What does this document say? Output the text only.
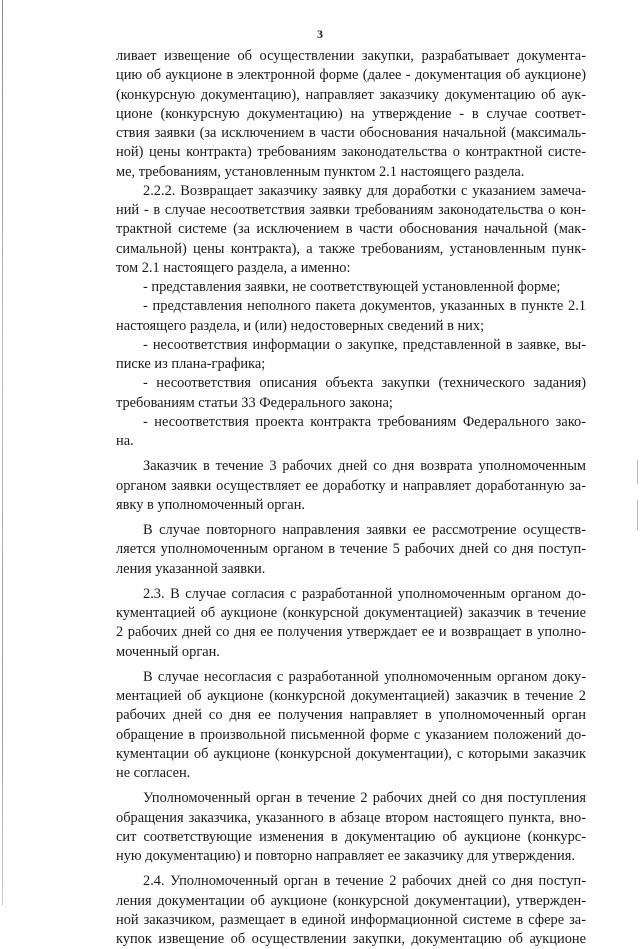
3
ливает извещение об осуществлении закупки, разрабатывает документа-
цию об аукционе в электронной форме (далее - документация об аукционе)
(конкурсную документацию), направляет заказчику документацию об аук-
ционе (конкурсную документацию) на утверждение - в случае соответ-
ствия заявки (за исключением в части обоснования начальной (максималь-
ной) цены контракта) требованиям законодательства о контрактной систе-
ме, требованиям, установленным пунктом 2.1 настоящего раздела.
2.2.2. Возвращает заказчику заявку для доработки с указанием замеча-
ний - в случае несоответствия заявки требованиям законодательства о кон-
трактной системе (за исключением в части обоснования начальной (мак-
симальной) цены контракта), а также требованиям, установленным пунк-
том 2.1 настоящего раздела, а именно:
- представления заявки, не соответствующей установленной форме;
- представления неполного пакета документов, указанных в пункте 2.1
настоящего раздела, и (или) недостоверных сведений в них;
- несоответствия информации о закупке, представленной в заявке, вы-
писке из плана-графика;
- несоответствия описания объекта закупки (технического задания)
требованиям статьи 33 Федерального закона;
- несоответствия проекта контракта требованиям Федерального зако-
на.
Заказчик в течение 3 рабочих дней со дня возврата уполномоченным
органом заявки осуществляет ее доработку и направляет доработанную за-
явку в уполномоченный орган.
В случае повторного направления заявки ее рассмотрение осуществ-
ляется уполномоченным органом в течение 5 рабочих дней со дня поступ-
ления указанной заявки.
2.3. В случае согласия с разработанной уполномоченным органом до-
кументацией об аукционе (конкурсной документацией) заказчик в течение
2 рабочих дней со дня ее получения утверждает ее и возвращает в уполно-
моченный орган.
В случае несогласия с разработанной уполномоченным органом доку-
ментацией об аукционе (конкурсной документацией) заказчик в течение 2
рабочих дней со дня ее получения направляет в уполномоченный орган
обращение в произвольной письменной форме с указанием положений до-
кументации об аукционе (конкурсной документации), с которыми заказчик
не согласен.
Уполномоченный орган в течение 2 рабочих дней со дня поступления
обращения заказчика, указанного в абзаце втором настоящего пункта, вно-
сит соответствующие изменения в документацию об аукционе (конкурс-
ную документацию) и повторно направляет ее заказчику для утверждения.
2.4. Уполномоченный орган в течение 2 рабочих дней со дня поступ-
ления документации об аукционе (конкурсной документации), утвержден-
ной заказчиком, размещает в единой информационной системе в сфере за-
купок извещение об осуществлении закупки, документацию об аукционе
